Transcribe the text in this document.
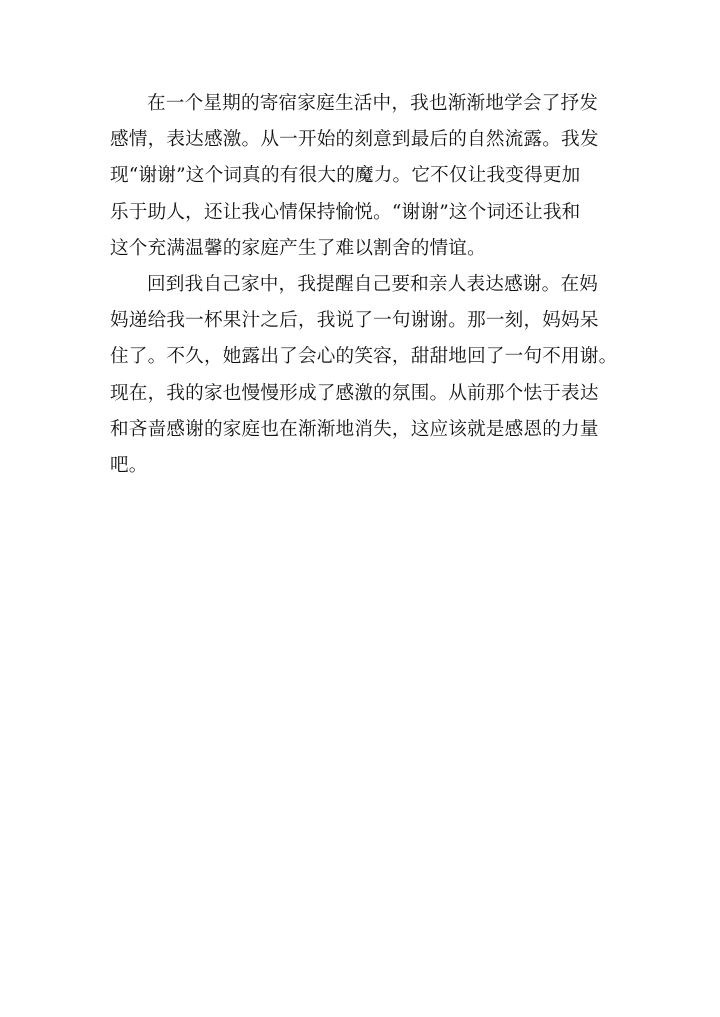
在一个星期的寄宿家庭生活中，我也渐渐地学会了抒发
感情，表达感激。从一开始的刻意到最后的自然流露。我发
现“谢谢”这个词真的有很大的魔力。它不仅让我变得更加
乐于助人，还让我心情保持愉悦。“谢谢”这个词还让我和
这个充满温馨的家庭产生了难以割舍的情谊。
回到我自己家中，我提醒自己要和亲人表达感谢。在妈
妈递给我一杯果汁之后，我说了一句谢谢。那一刻，妈妈呆
住了。不久，她露出了会心的笑容，甜甜地回了一句不用谢。
现在，我的家也慢慢形成了感激的氛围。从前那个怯于表达
和吝啬感谢的家庭也在渐渐地消失，这应该就是感恩的力量
吧。
